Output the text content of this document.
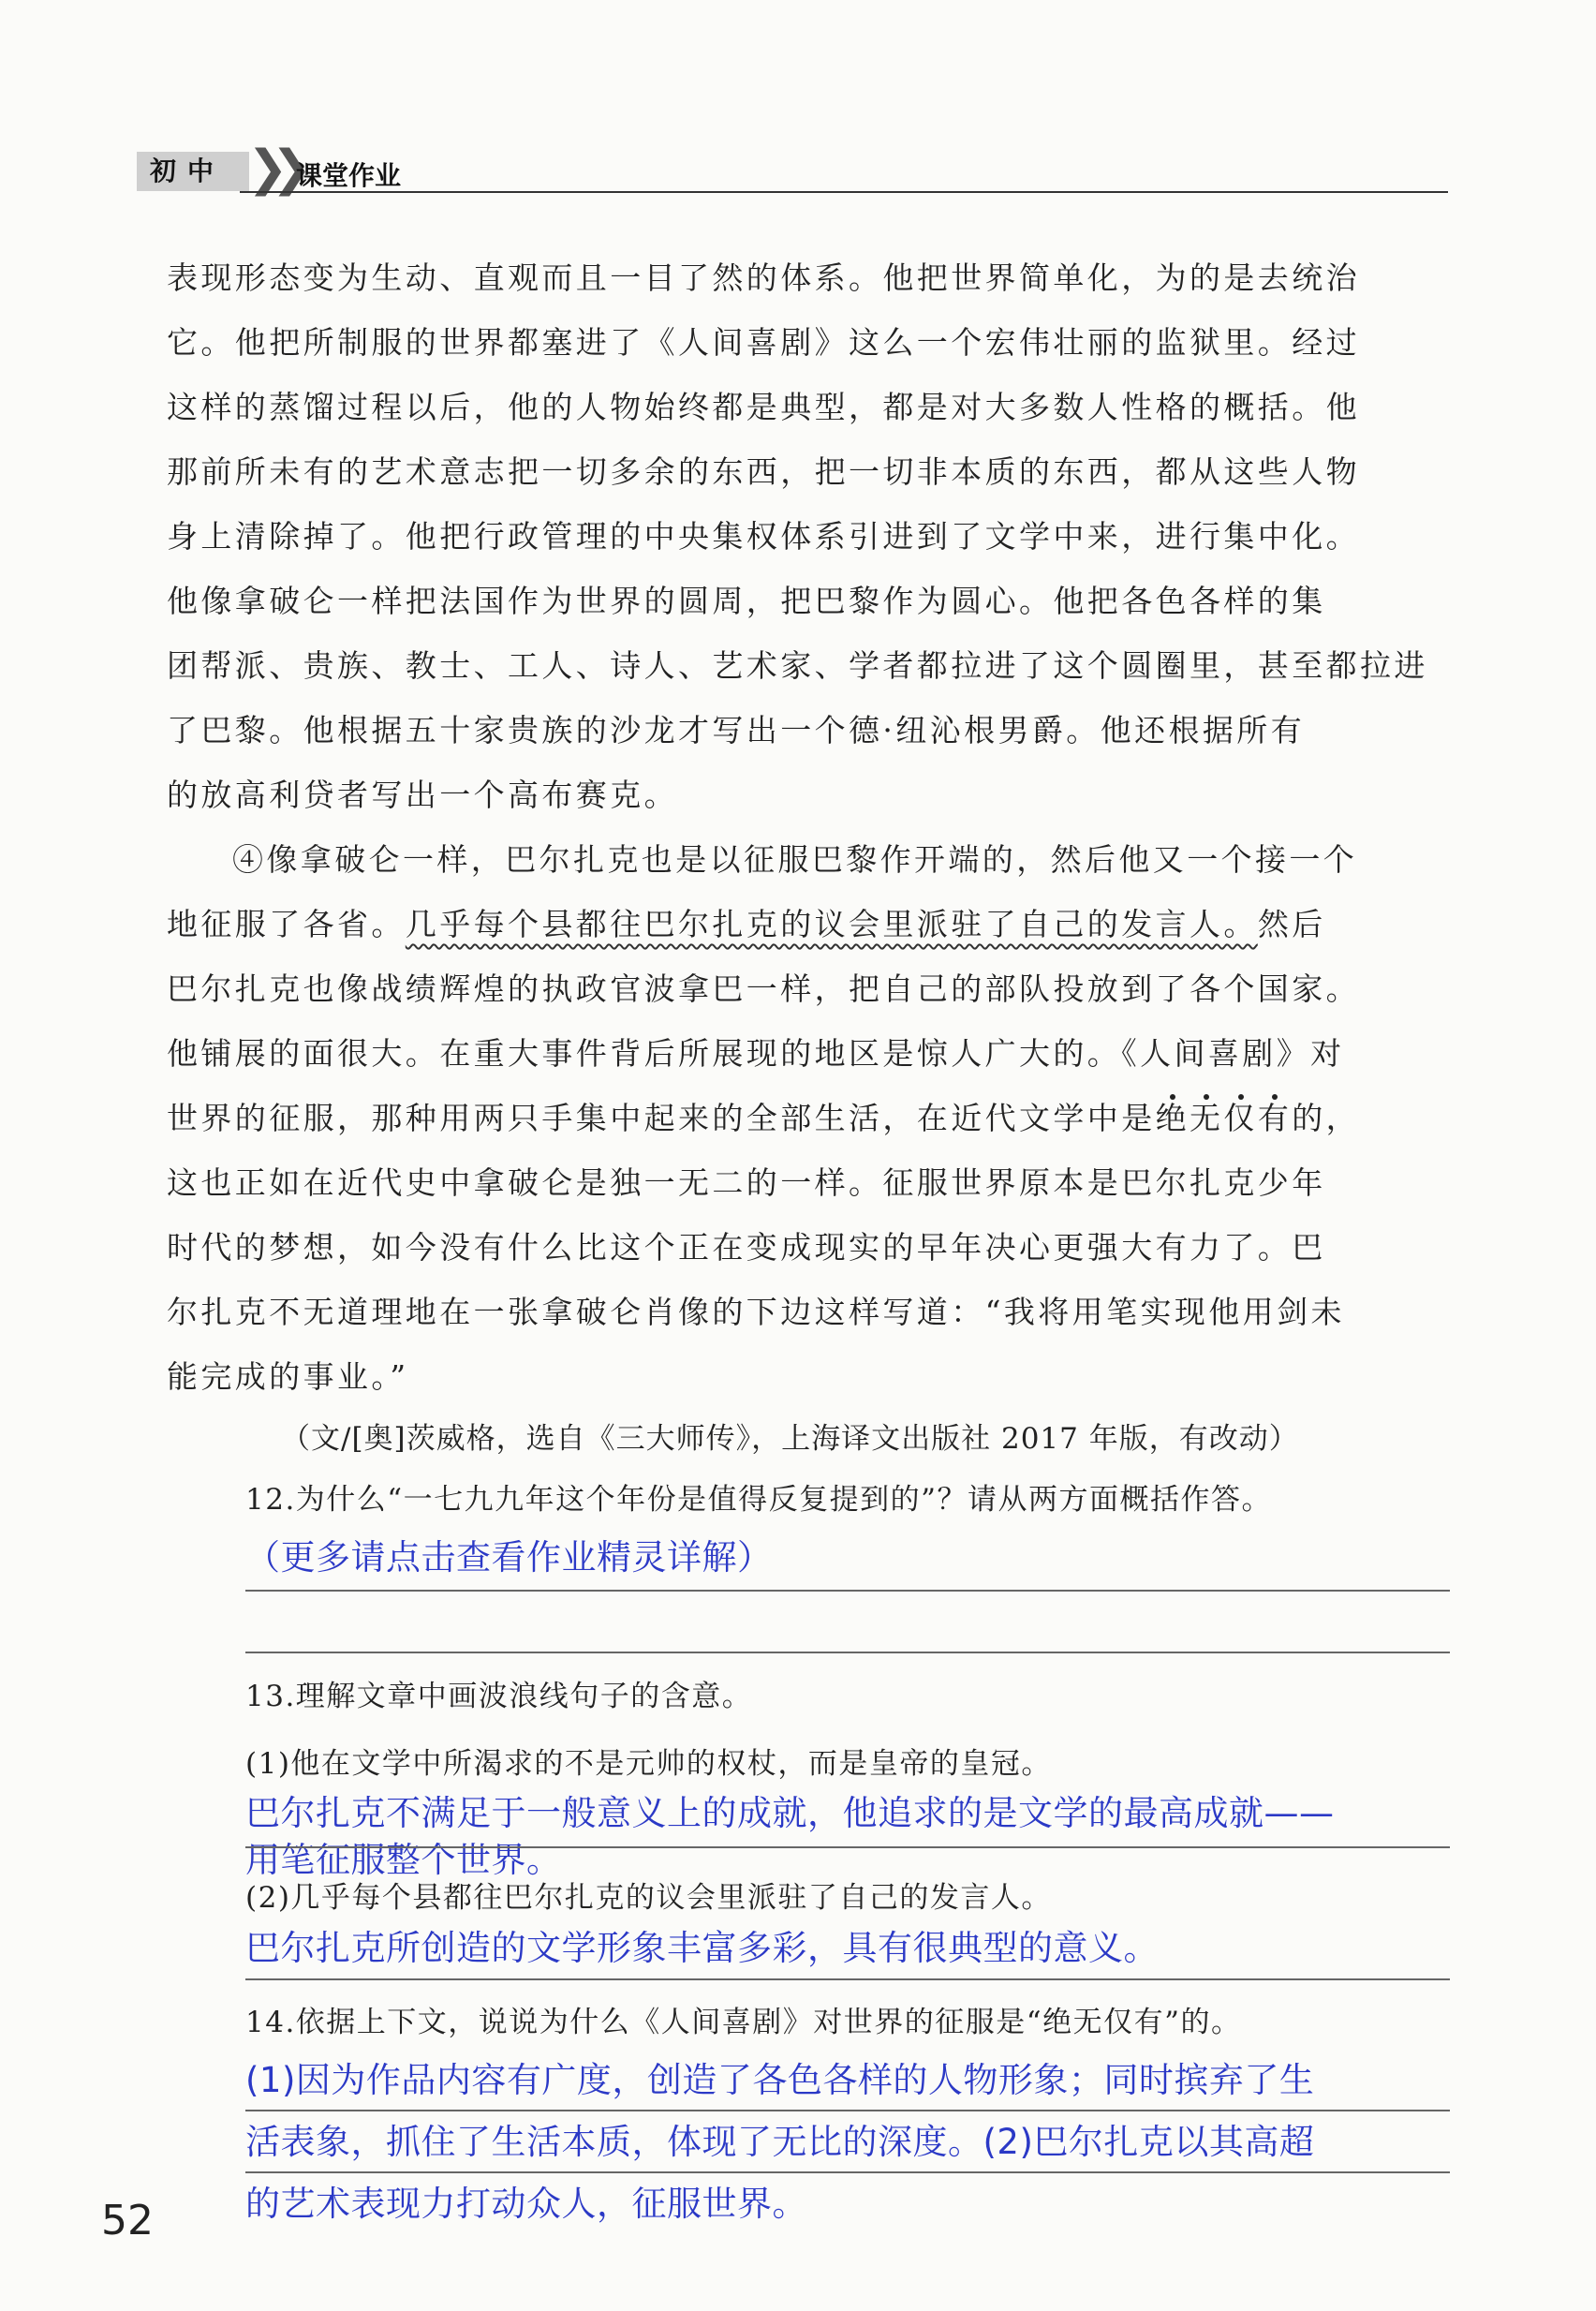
初中 ❯❯ 课堂作业
表现形态变为生动、直观而且一目了然的体系。他把世界简单化，为的是去统治
它。他把所制服的世界都塞进了《人间喜剧》这么一个宏伟壮丽的监狱里。经过
这样的蒸馏过程以后，他的人物始终都是典型，都是对大多数人性格的概括。他
那前所未有的艺术意志把一切多余的东西，把一切非本质的东西，都从这些人物
身上清除掉了。他把行政管理的中央集权体系引进到了文学中来，进行集中化。
他像拿破仑一样把法国作为世界的圆周，把巴黎作为圆心。他把各色各样的集
团帮派、贵族、教士、工人、诗人、艺术家、学者都拉进了这个圆圈里，甚至都拉进
了巴黎。他根据五十家贵族的沙龙才写出一个德·纽沁根男爵。他还根据所有
的放高利贷者写出一个高布赛克。
④像拿破仑一样，巴尔扎克也是以征服巴黎作开端的，然后他又一个接一个
地征服了各省。几乎每个县都往巴尔扎克的议会里派驻了自己的发言人。然后
巴尔扎克也像战绩辉煌的执政官波拿巴一样，把自己的部队投放到了各个国家。
他铺展的面很大。在重大事件背后所展现的地区是惊人广大的。《人间喜剧》对
世界的征服，那种用两只手集中起来的全部生活，在近代文学中是绝无仅有的，
这也正如在近代史中拿破仑是独一无二的一样。征服世界原本是巴尔扎克少年
时代的梦想，如今没有什么比这个正在变成现实的早年决心更强大有力了。巴
尔扎克不无道理地在一张拿破仑肖像的下边这样写道：“我将用笔实现他用剑未
能完成的事业。”
（文/[奥]茨威格，选自《三大师传》，上海译文出版社 2017 年版，有改动）
12.为什么“一七九九年这个年份是值得反复提到的”？请从两方面概括作答。
（更多请点击查看作业精灵详解）
13.理解文章中画波浪线句子的含意。
(1)他在文学中所渴求的不是元帅的权杖，而是皇帝的皇冠。
巴尔扎克不满足于一般意义上的成就，他追求的是文学的最高成就——
用笔征服整个世界。
(2)几乎每个县都往巴尔扎克的议会里派驻了自己的发言人。
巴尔扎克所创造的文学形象丰富多彩，具有很典型的意义。
14.依据上下文，说说为什么《人间喜剧》对世界的征服是“绝无仅有”的。
(1)因为作品内容有广度，创造了各色各样的人物形象；同时摈弃了生
活表象，抓住了生活本质，体现了无比的深度。(2)巴尔扎克以其高超
的艺术表现力打动众人，征服世界。
52
